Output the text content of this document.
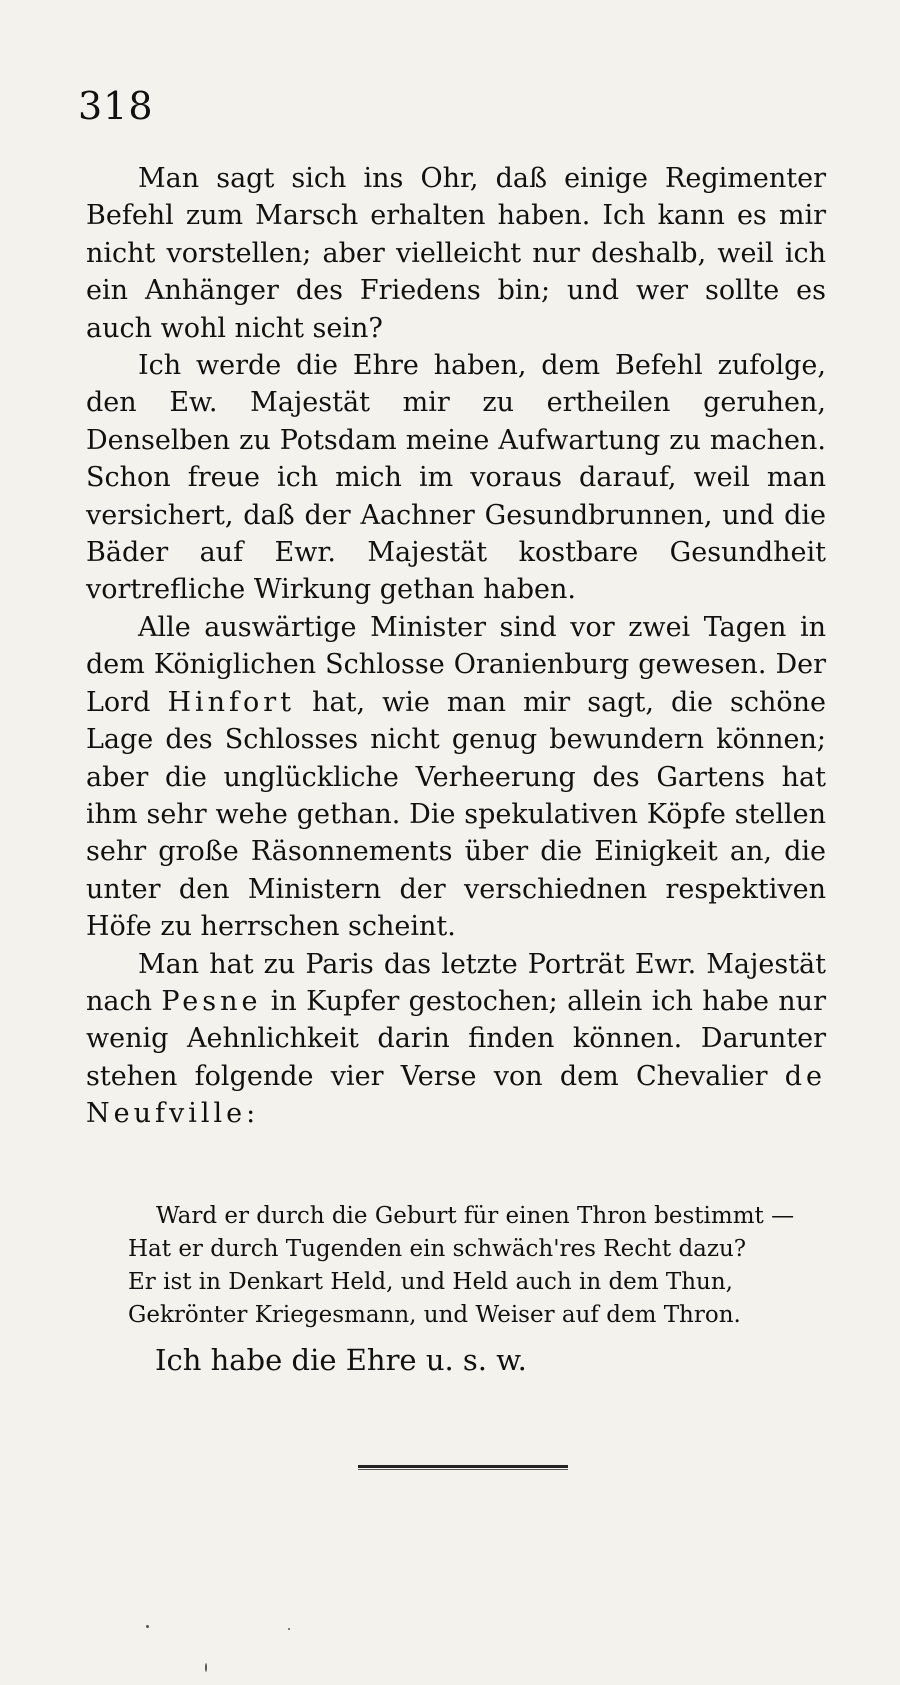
318

Man sagt sich ins Ohr, daß einige Regimenter Befehl zum Marsch erhalten haben. Ich kann es mir nicht vorstellen; aber vielleicht nur deshalb, weil ich ein Anhänger des Friedens bin; und wer sollte es auch wohl nicht sein?

Ich werde die Ehre haben, dem Befehl zufolge, den Ew. Majestät mir zu ertheilen geruhen, Denselben zu Potsdam meine Aufwartung zu machen. Schon freue ich mich im voraus darauf, weil man versichert, daß der Aachner Gesundbrunnen, und die Bäder auf Ewr. Majestät kostbare Gesundheit vortrefliche Wirkung gethan haben.

Alle auswärtige Minister sind vor zwei Tagen in dem Königlichen Schlosse Oranienburg gewesen. Der Lord Hinfort hat, wie man mir sagt, die schöne Lage des Schlosses nicht genug bewundern können; aber die unglückliche Verheerung des Gartens hat ihm sehr wehe gethan. Die spekulativen Köpfe stellen sehr große Räsonnements über die Einigkeit an, die unter den Ministern der verschiednen respektiven Höfe zu herrschen scheint.

Man hat zu Paris das letzte Porträt Ewr. Majestät nach Pesne in Kupfer gestochen; allein ich habe nur wenig Aehnlichkeit darin finden können. Darunter stehen folgende vier Verse von dem Chevalier de Neufville:

Ward er durch die Geburt für einen Thron bestimmt —
Hat er durch Tugenden ein schwäch'res Recht dazu?
Er ist in Denkart Held, und Held auch in dem Thun,
Gekrönter Kriegesmann, und Weiser auf dem Thron.
Ich habe die Ehre u. s. w.
